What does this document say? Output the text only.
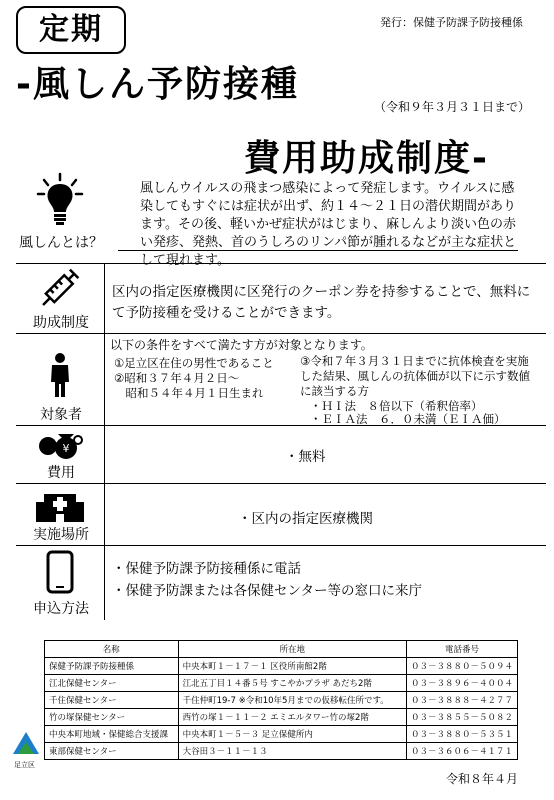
定期	発行：保健予防課予防接種係
-風しん予防接種
（令和９年３月３１日まで）
費用助成制度-
風しんとは？
風しんウイルスの飛まつ感染によって発症します。ウイルスに感染してもすぐには症状が出ず、約１４～２１日の潜伏期間があります。その後、軽いかぜ症状がはじまり、麻しんより淡い色の赤い発疹、発熱、首のうしろのリンパ節が腫れるなどが主な症状として現れます。
助成制度
区内の指定医療機関に区発行のクーポン券を持参することで、無料にて予防接種を受けることができます。
対象者
以下の条件をすべて満たす方が対象となります。
①足立区在住の男性であること
②昭和３７年４月２日～
　昭和５４年４月１日生まれ
③令和７年３月３１日までに抗体検査を実施
した結果、風しんの抗体価が以下に示す数値
に該当する方
・ＨＩ法　８倍以下（希釈倍率）
・ＥＩＡ法　６．０未満（ＥＩＡ価）
¥
費用
・無料
実施場所
・区内の指定医療機関
申込方法
・保健予防課予防接種係に電話
・保健予防課または各保健センター等の窓口に来庁
名称	所在地	電話番号
保健予防課予防接種係	中央本町１－１７－１ 区役所南館2階	０３－３８８０－５０９４
江北保健センター	江北五丁目１４番５号 すこやかプラザ あだち2階	０３－３８９６－４００４
千住保健センター	千住仲町19-7 ※令和10年5月までの仮移転住所です。	０３－３８８８－４２７７
竹の塚保健センター	西竹の塚１－１１－２ エミエルタワー竹の塚2階	０３－３８５５－５０８２
中央本町地域・保健総合支援課	中央本町１－５－３ 足立保健所内	０３－３８８０－５３５１
東部保健センター	大谷田３－１１－１３	０３－３６０６－４１７１
足立区
令和８年４月
